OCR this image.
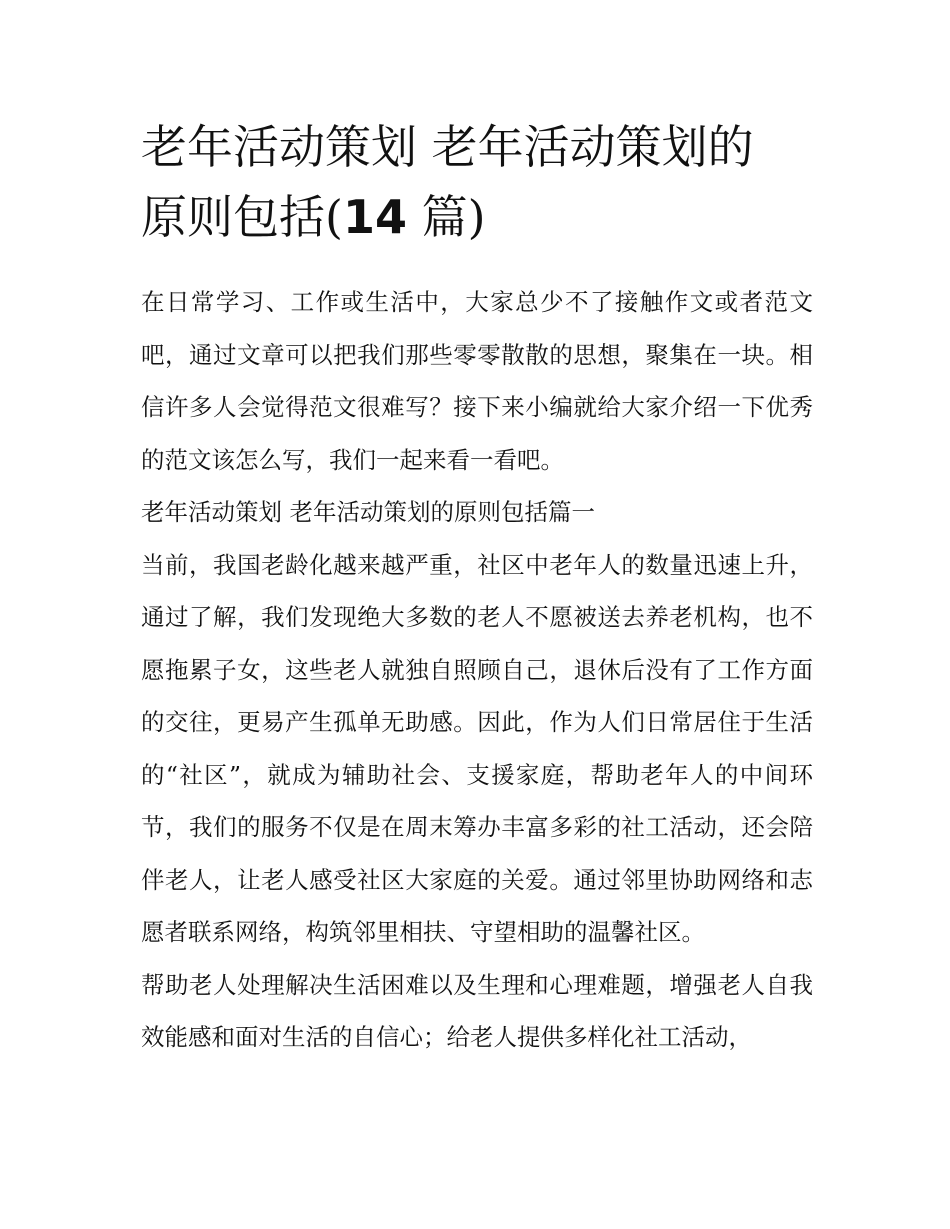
老年活动策划 老年活动策划的
原则包括(14 篇)

在日常学习、工作或生活中，大家总少不了接触作文或者范文吧，通过文章可以把我们那些零零散散的思想，聚集在一块。相信许多人会觉得范文很难写？接下来小编就给大家介绍一下优秀的范文该怎么写，我们一起来看一看吧。

老年活动策划 老年活动策划的原则包括篇一

当前，我国老龄化越来越严重，社区中老年人的数量迅速上升，通过了解，我们发现绝大多数的老人不愿被送去养老机构，也不愿拖累子女，这些老人就独自照顾自己，退休后没有了工作方面的交往，更易产生孤单无助感。因此，作为人们日常居住于生活的“社区”，就成为辅助社会、支援家庭，帮助老年人的中间环节，我们的服务不仅是在周末筹办丰富多彩的社工活动，还会陪伴老人，让老人感受社区大家庭的关爱。通过邻里协助网络和志愿者联系网络，构筑邻里相扶、守望相助的温馨社区。

帮助老人处理解决生活困难以及生理和心理难题，增强老人自我效能感和面对生活的自信心；给老人提供多样化社工活动，
